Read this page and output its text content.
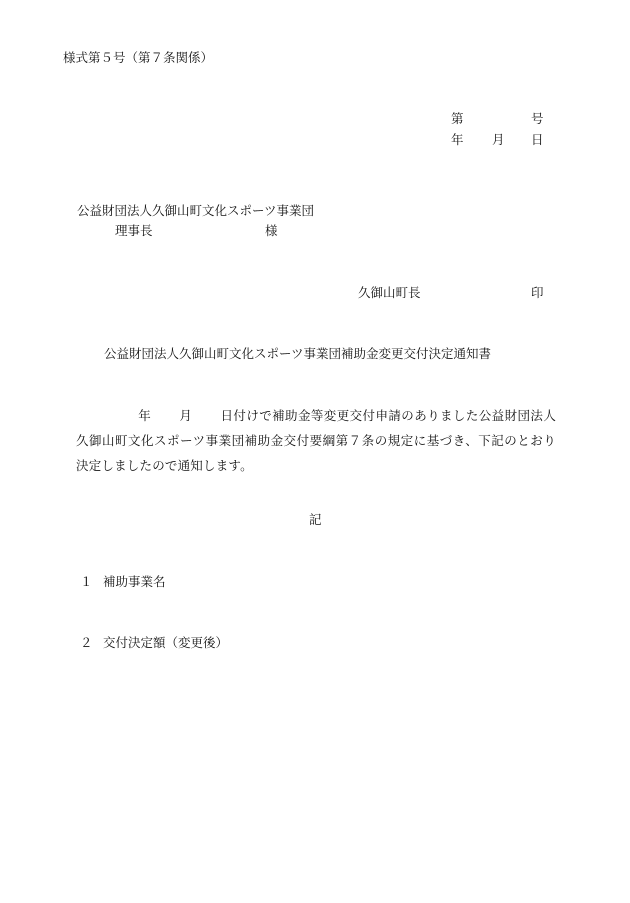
様式第５号（第７条関係）
第	号
年 月 日
公益財団法人久御山町文化スポーツ事業団
理事長	様
久御山町長	印
公益財団法人久御山町文化スポーツ事業団補助金変更交付決定通知書
年 月 日付けで補助金等変更交付申請のありました公益財団法人久御山町文化スポーツ事業団補助金交付要綱第７条の規定に基づき、下記のとおり決定しましたので通知します。
記
１ 補助事業名
２ 交付決定額（変更後）
